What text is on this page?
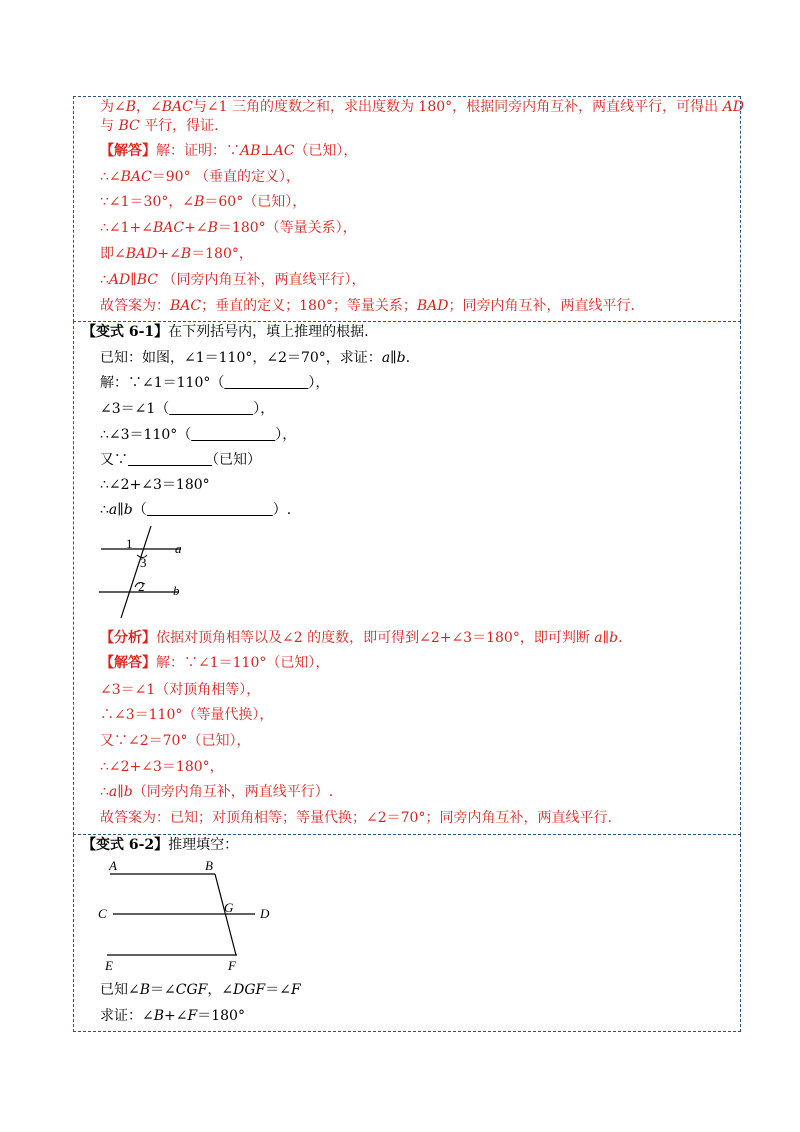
为∠B，∠BAC与∠1 三角的度数之和，求出度数为 180°，根据同旁内角互补，两直线平行，可得出 AD
与 BC 平行，得证.
【解答】解：证明：∵AB⊥AC（已知），
∴∠BAC＝90° （垂直的定义），
∵∠1＝30°，∠B＝60°（已知），
∴∠1+∠BAC+∠B＝180°（等量关系），
即∠BAD+∠B＝180°，
∴AD∥BC （同旁内角互补，两直线平行），
故答案为：BAC；垂直的定义；180°；等量关系；BAD；同旁内角互补，两直线平行.
【变式 6-1】在下列括号内，填上推理的根据.
已知：如图，∠1＝110°，∠2＝70°，求证：a∥b.
解：∵∠1＝110°（　　　　　　	），
∠3＝∠1（　　　　　　	），
∴∠3＝110°（　　　　　　	），
又∵　　　　　　	（已知）
∴∠2+∠3＝180°
∴a∥b（　　　　　　　　　	）.
1
3
2
a
b
【分析】依据对顶角相等以及∠2 的度数，即可得到∠2+∠3＝180°，即可判断 a∥b.
【解答】解：∵∠1＝110°（已知），
∠3＝∠1（对顶角相等），
∴∠3＝110°（等量代换），
又∵∠2＝70°（已知），
∴∠2+∠3＝180°，
∴a∥b（同旁内角互补，两直线平行）.
故答案为：已知；对顶角相等；等量代换；∠2＝70°；同旁内角互补，两直线平行.
【变式 6-2】推理填空：
A	B
C	G D
E	F
已知∠B＝∠CGF，∠DGF＝∠F
求证：∠B+∠F＝180°
